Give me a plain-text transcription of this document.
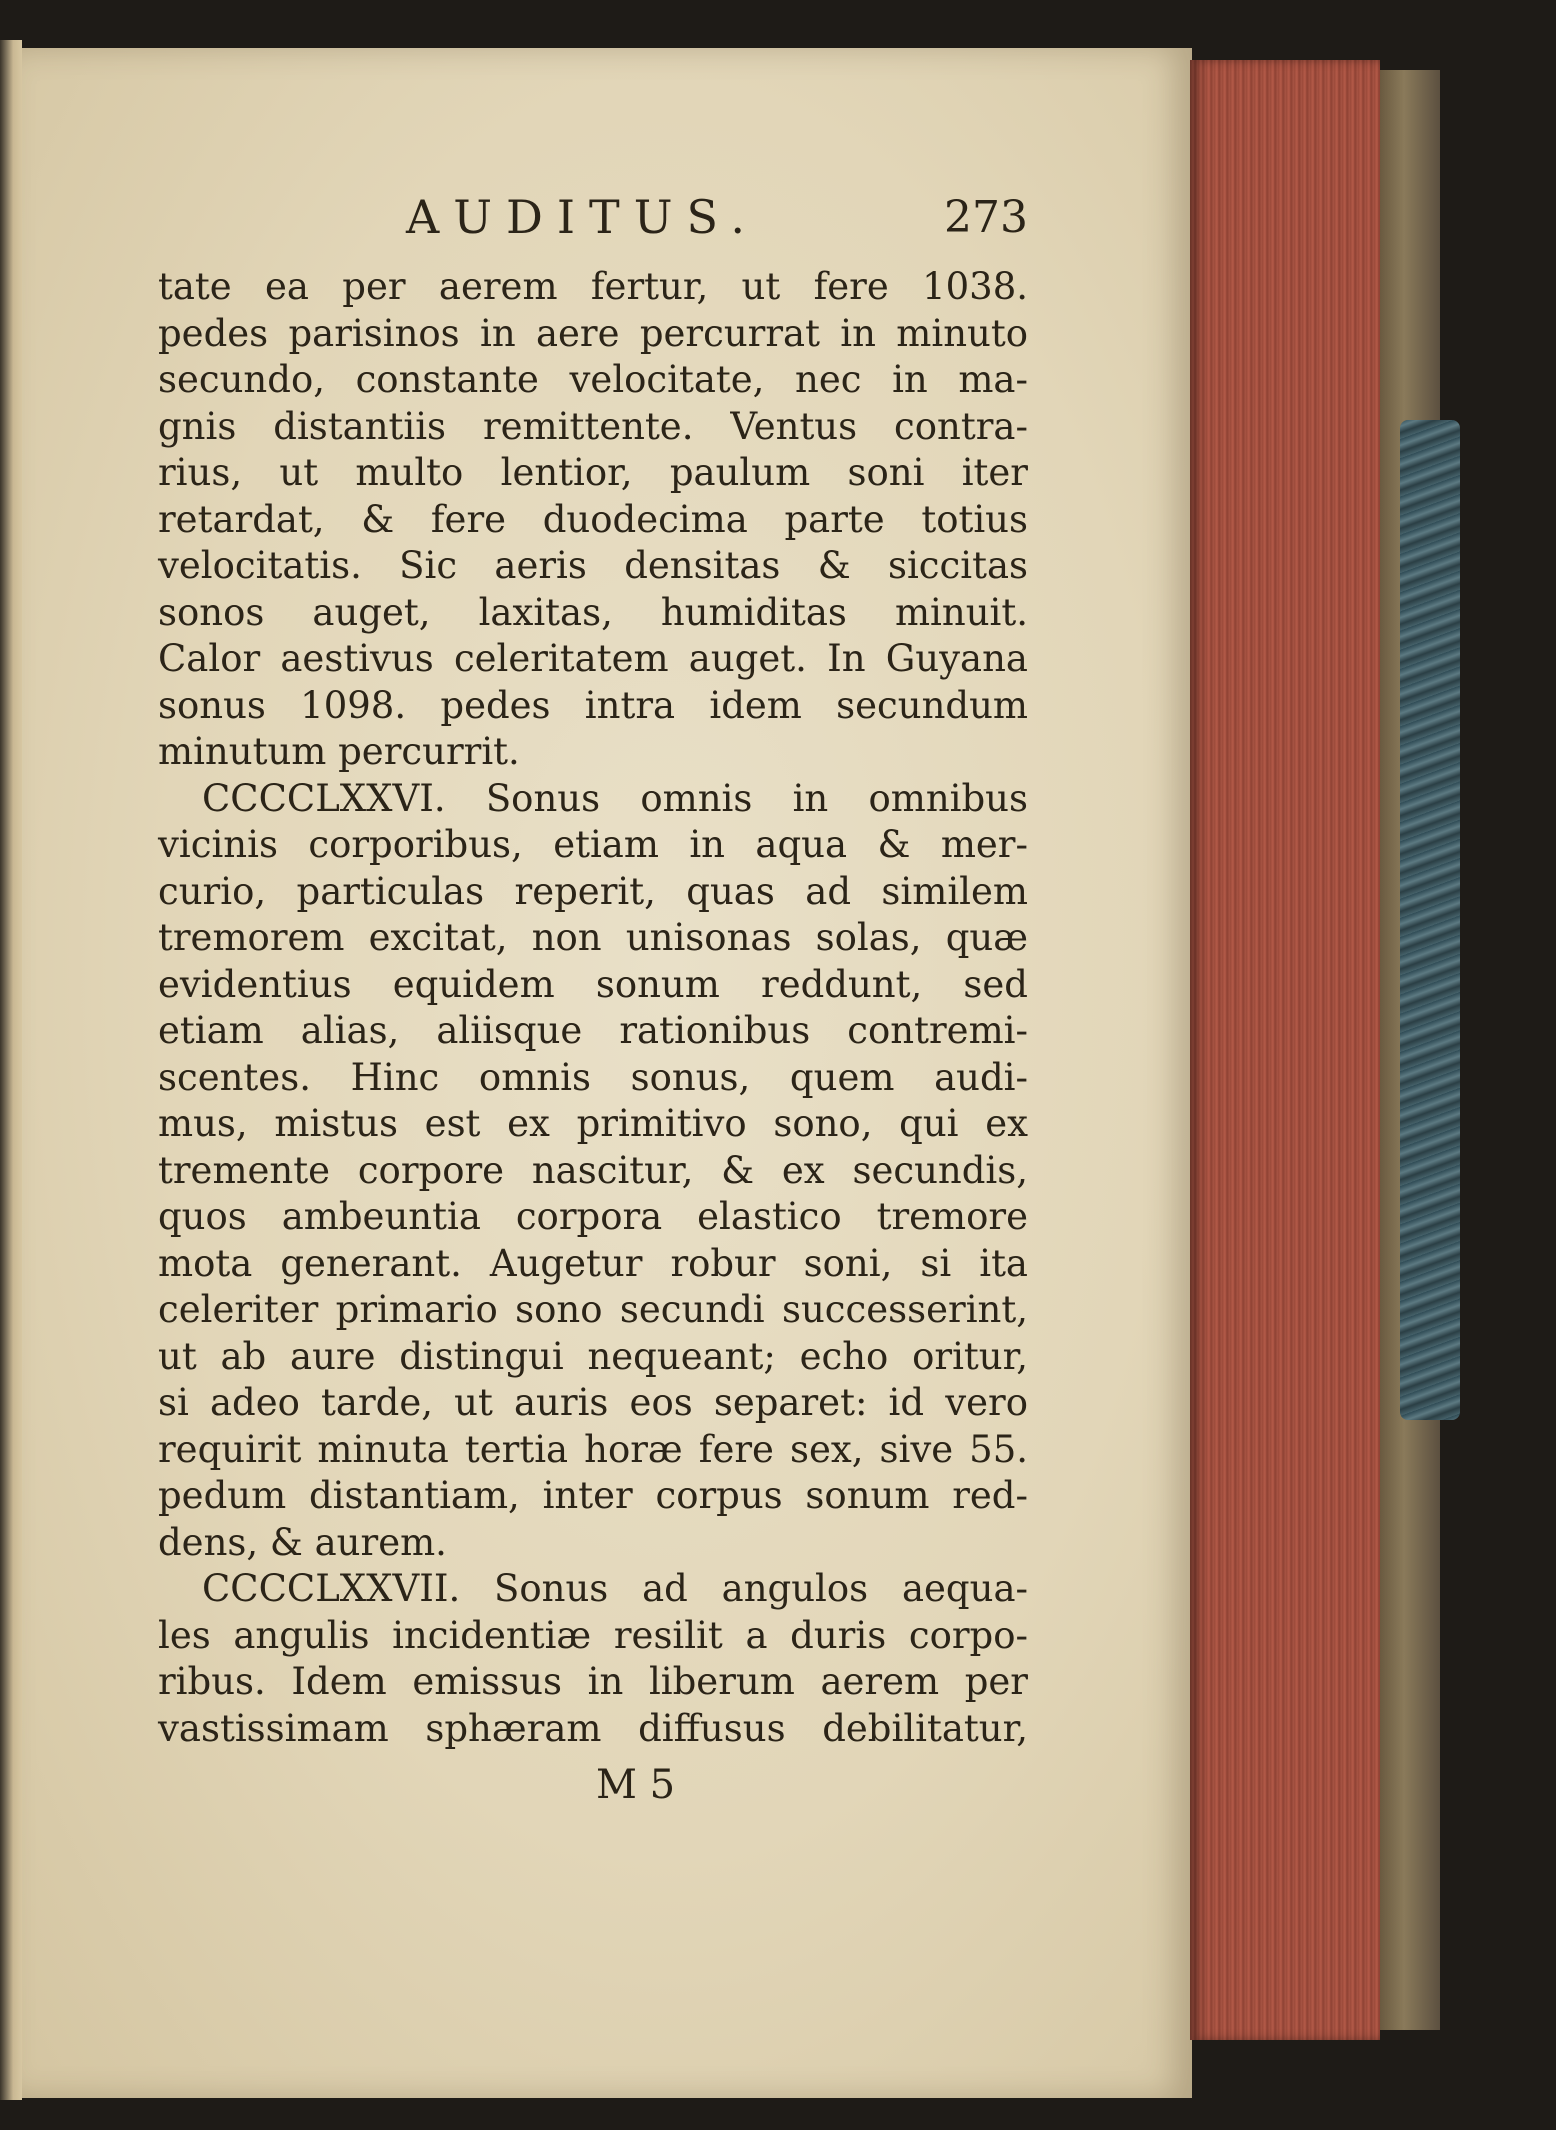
AUDITUS.	273
tate ea per aerem fertur, ut fere 1038.
pedes parisinos in aere percurrat in minuto
secundo, constante velocitate, nec in ma-
gnis distantiis remittente. Ventus contra-
rius, ut multo lentior, paulum soni iter
retardat, & fere duodecima parte totius
velocitatis. Sic aeris densitas & siccitas
sonos auget, laxitas, humiditas minuit.
Calor aestivus celeritatem auget. In Guyana
sonus 1098. pedes intra idem secundum
minutum percurrit.
CCCCLXXVI. Sonus omnis in omnibus
vicinis corporibus, etiam in aqua & mer-
curio, particulas reperit, quas ad similem
tremorem excitat, non unisonas solas, quæ
evidentius equidem sonum reddunt, sed
etiam alias, aliisque rationibus contremi-
scentes. Hinc omnis sonus, quem audi-
mus, mistus est ex primitivo sono, qui ex
tremente corpore nascitur, & ex secundis,
quos ambeuntia corpora elastico tremore
mota generant. Augetur robur soni, si ita
celeriter primario sono secundi successerint,
ut ab aure distingui nequeant; echo oritur,
si adeo tarde, ut auris eos separet: id vero
requirit minuta tertia horæ fere sex, sive 55.
pedum distantiam, inter corpus sonum red-
dens, & aurem.
CCCCLXXVII. Sonus ad angulos aequa-
les angulis incidentiæ resilit a duris corpo-
ribus. Idem emissus in liberum aerem per
vastissimam sphæram diffusus debilitatur,
M 5
